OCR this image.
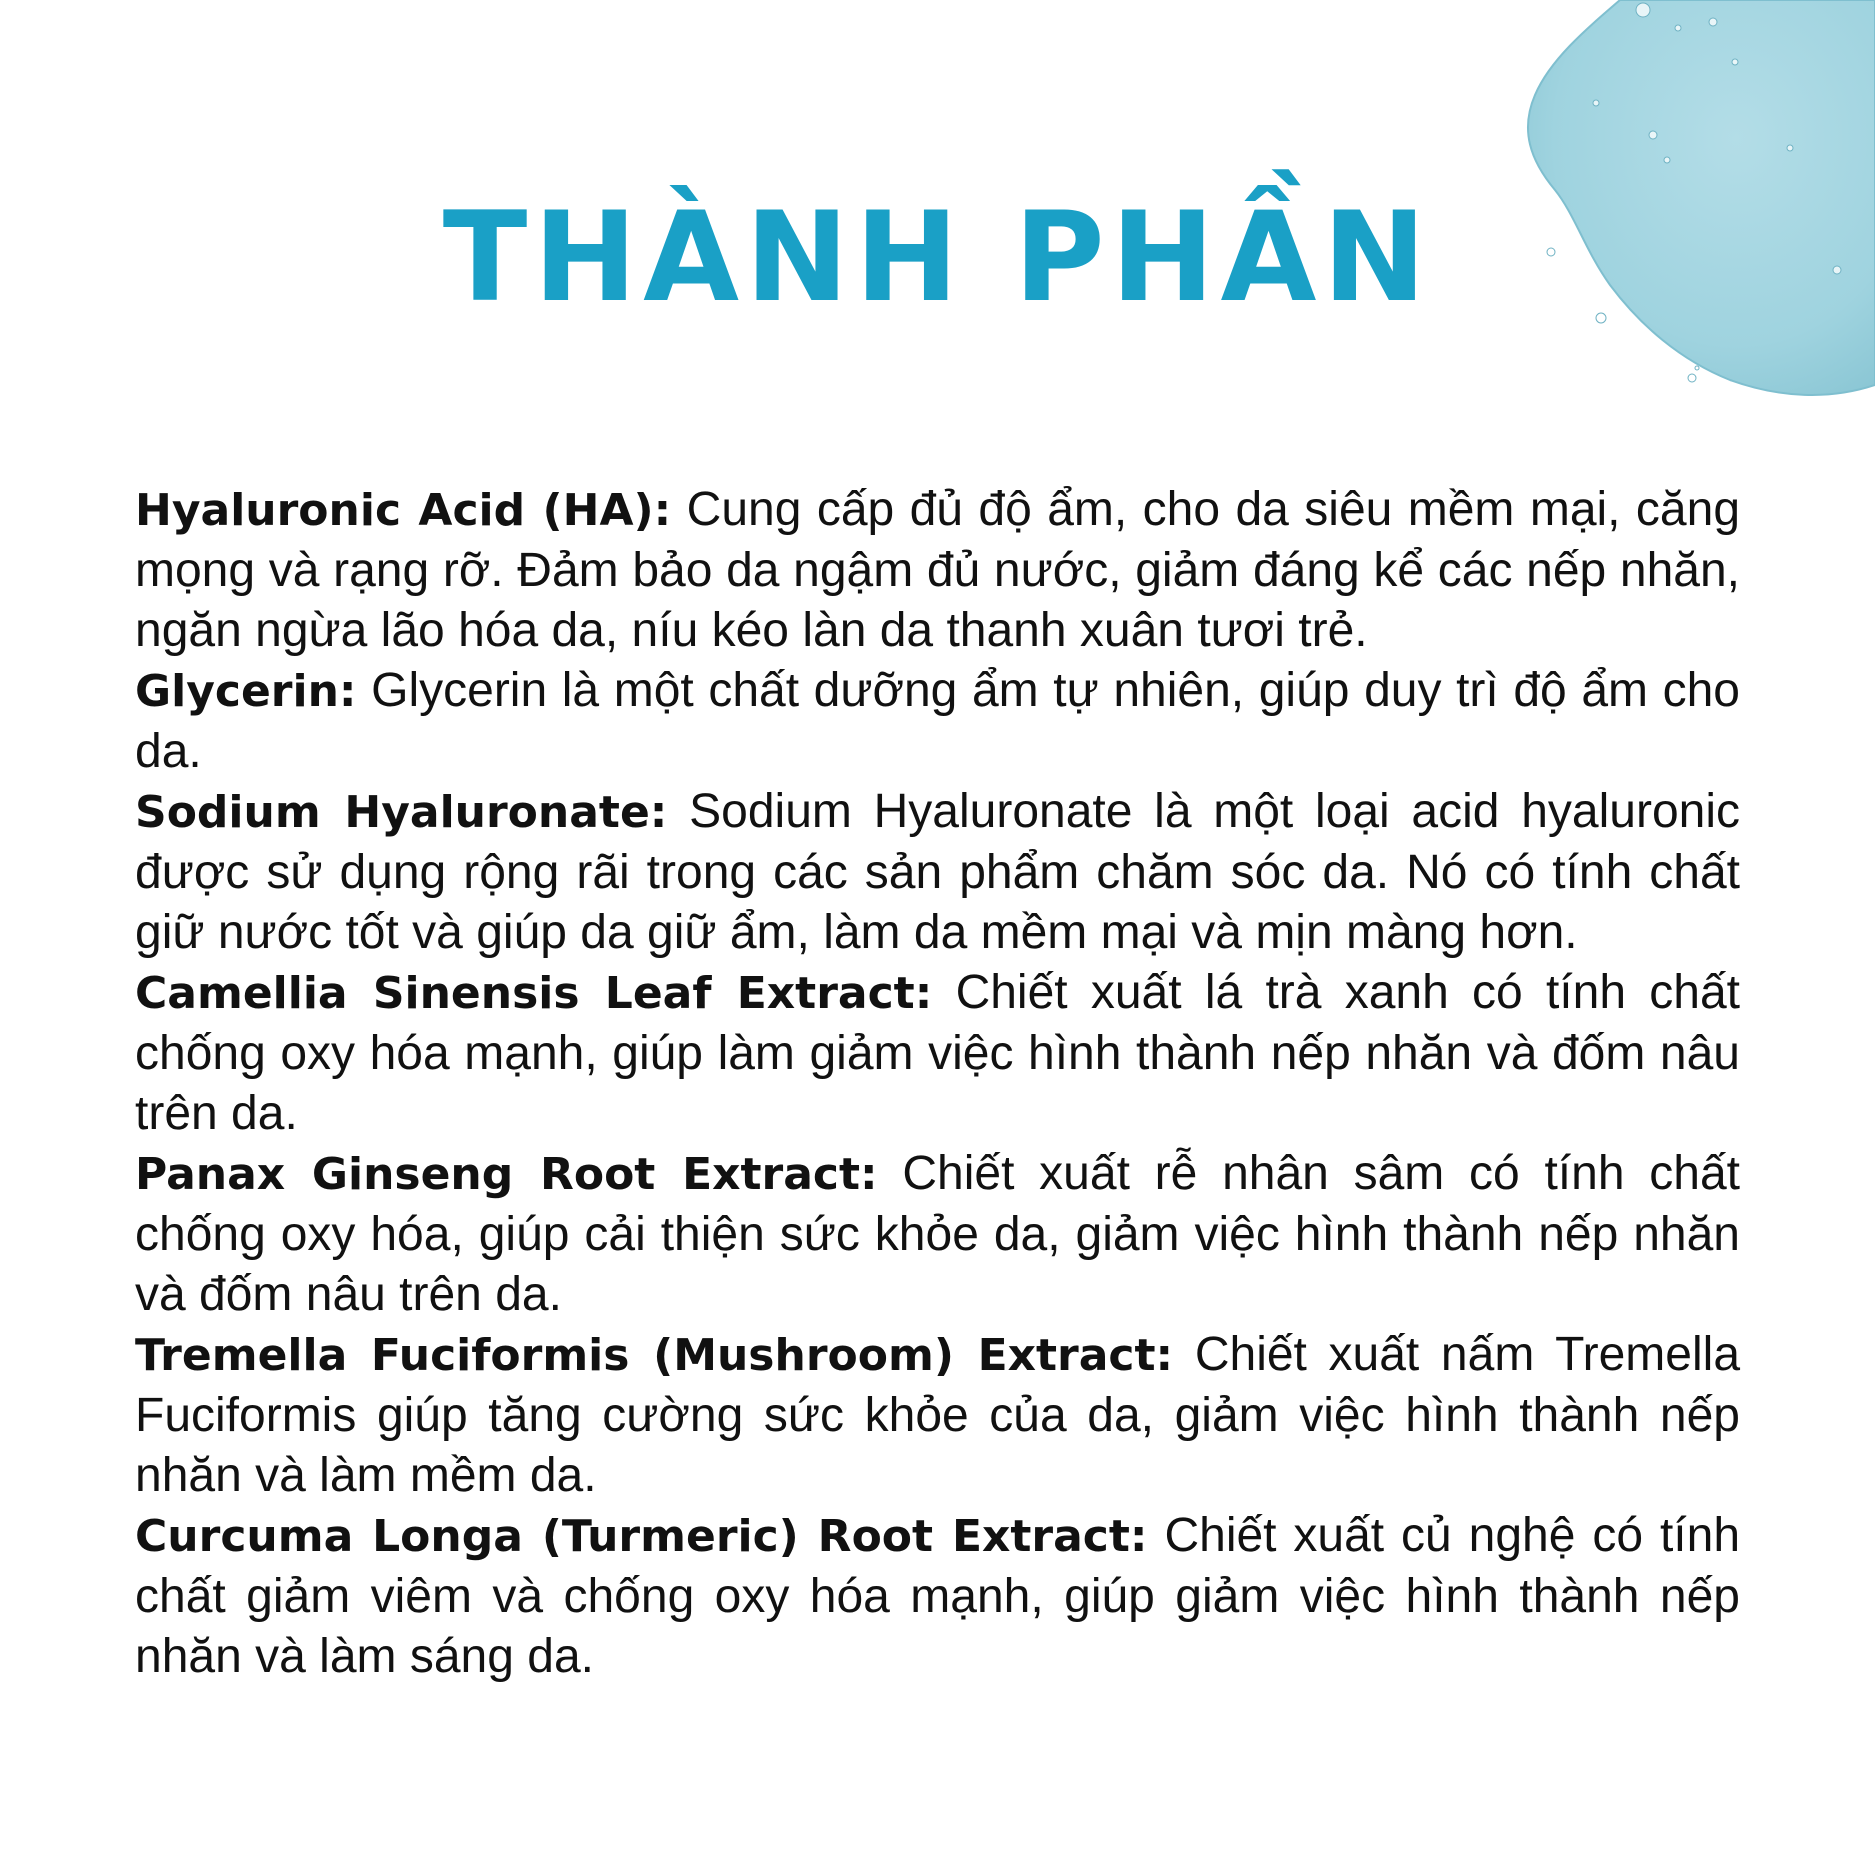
THÀNH PHẦN
Hyaluronic Acid (HA): Cung cấp đủ độ ẩm, cho da siêu mềm mại, căng mọng và rạng rỡ. Đảm bảo da ngậm đủ nước, giảm đáng kể các nếp nhăn, ngăn ngừa lão hóa da, níu kéo làn da thanh xuân tươi trẻ.
Glycerin: Glycerin là một chất dưỡng ẩm tự nhiên, giúp duy trì độ ẩm cho da.
Sodium Hyaluronate: Sodium Hyaluronate là một loại acid hyaluronic được sử dụng rộng rãi trong các sản phẩm chăm sóc da. Nó có tính chất giữ nước tốt và giúp da giữ ẩm, làm da mềm mại và mịn màng hơn.
Camellia Sinensis Leaf Extract: Chiết xuất lá trà xanh có tính chất chống oxy hóa mạnh, giúp làm giảm việc hình thành nếp nhăn và đốm nâu trên da.
Panax Ginseng Root Extract: Chiết xuất rễ nhân sâm có tính chất chống oxy hóa, giúp cải thiện sức khỏe da, giảm việc hình thành nếp nhăn và đốm nâu trên da.
Tremella Fuciformis (Mushroom) Extract: Chiết xuất nấm Tremella Fuciformis giúp tăng cường sức khỏe của da, giảm việc hình thành nếp nhăn và làm mềm da.
Curcuma Longa (Turmeric) Root Extract: Chiết xuất củ nghệ có tính chất giảm viêm và chống oxy hóa mạnh, giúp giảm việc hình thành nếp nhăn và làm sáng da.
